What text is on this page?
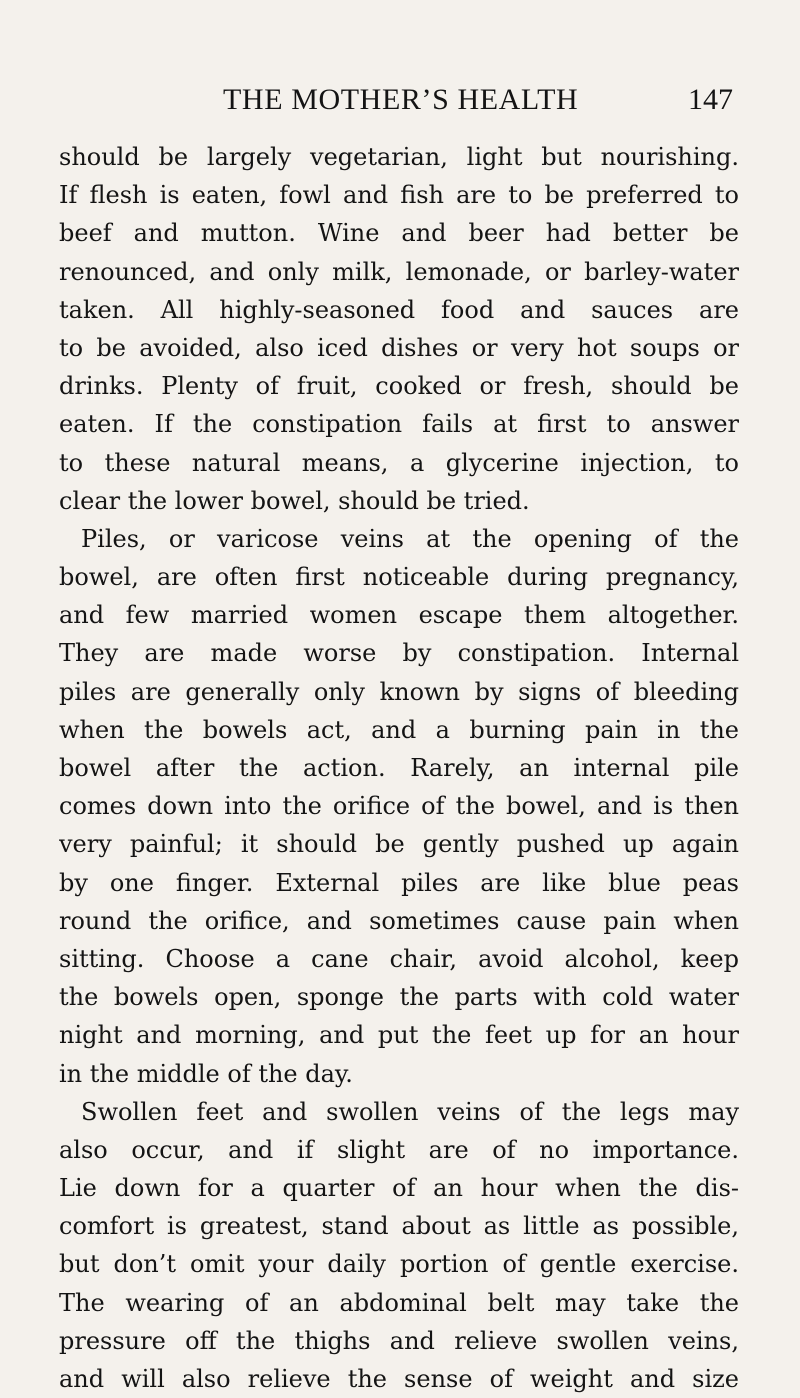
THE MOTHER’S HEALTH	147
should be largely vegetarian, light but nourishing.
If flesh is eaten, fowl and fish are to be preferred to
beef and mutton. Wine and beer had better be
renounced, and only milk, lemonade, or barley-water
taken. All highly-seasoned food and sauces are
to be avoided, also iced dishes or very hot soups or
drinks. Plenty of fruit, cooked or fresh, should be
eaten. If the constipation fails at first to answer
to these natural means, a glycerine injection, to
clear the lower bowel, should be tried.
Piles, or varicose veins at the opening of the
bowel, are often first noticeable during pregnancy,
and few married women escape them altogether.
They are made worse by constipation. Internal
piles are generally only known by signs of bleeding
when the bowels act, and a burning pain in the
bowel after the action. Rarely, an internal pile
comes down into the orifice of the bowel, and is then
very painful; it should be gently pushed up again
by one finger. External piles are like blue peas
round the orifice, and sometimes cause pain when
sitting. Choose a cane chair, avoid alcohol, keep
the bowels open, sponge the parts with cold water
night and morning, and put the feet up for an hour
in the middle of the day.
Swollen feet and swollen veins of the legs may
also occur, and if slight are of no importance.
Lie down for a quarter of an hour when the dis-
comfort is greatest, stand about as little as possible,
but don’t omit your daily portion of gentle exercise.
The wearing of an abdominal belt may take the
pressure off the thighs and relieve swollen veins,
and will also relieve the sense of weight and size
